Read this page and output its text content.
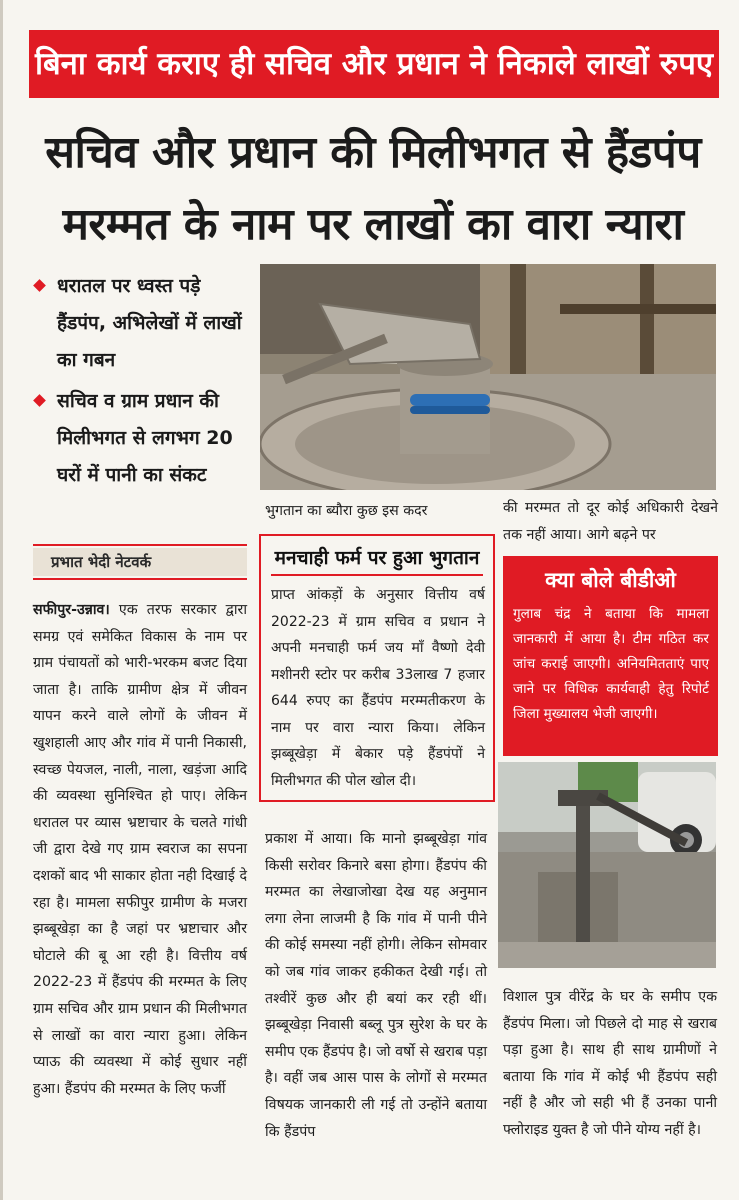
बिना कार्य कराए ही सचिव और प्रधान ने निकाले लाखों रुपए
सचिव और प्रधान की मिलीभगत से हैंडपंप
मरम्मत के नाम पर लाखों का वारा न्यारा
धरातल पर ध्वस्त पड़े हैंडपंप, अभिलेखों में लाखों का गबन
सचिव व ग्राम प्रधान की मिलीभगत से लगभग 20 घरों में पानी का संकट
प्रभात भेदी नेटवर्क
भुगतान का ब्यौरा कुछ इस कदर	की मरम्मत तो दूर कोई अधिकारी देखने तक नहीं आया। आगे बढ़ने पर
मनचाही फर्म पर हुआ भुगतान
प्राप्त आंकड़ों के अनुसार वित्तीय वर्ष 2022-23 में ग्राम सचिव व प्रधान ने अपनी मनचाही फर्म जय माँ वैष्णो देवी मशीनरी स्टोर पर करीब 33लाख 7 हजार 644 रुपए का हैंडपंप मरम्मतीकरण के नाम पर वारा न्यारा किया। लेकिन झब्बूखेड़ा में बेकार पड़े हैंडपंपों ने मिलीभगत की पोल खोल दी।
क्या बोले बीडीओ
गुलाब चंद्र ने बताया कि मामला जानकारी में आया है। टीम गठित कर जांच कराई जाएगी। अनियमितताएं पाए जाने पर विधिक कार्यवाही हेतु रिपोर्ट जिला मुख्यालय भेजी जाएगी।

सफीपुर-उन्नाव। एक तरफ सरकार द्वारा समग्र एवं समेकित विकास के नाम पर ग्राम पंचायतों को भारी-भरकम बजट दिया जाता है। ताकि ग्रामीण क्षेत्र में जीवन यापन करने वाले लोगों के जीवन में खुशहाली आए और गांव में पानी निकासी, स्वच्छ पेयजल, नाली, नाला, खड़ंजा आदि की व्यवस्था सुनिश्चित हो पाए। लेकिन धरातल पर व्यास भ्रष्टाचार के चलते गांधी जी द्वारा देखे गए ग्राम स्वराज का सपना दशकों बाद भी साकार होता नही दिखाई दे रहा है। मामला सफीपुर ग्रामीण के मजरा झब्बूखेड़ा का है जहां पर भ्रष्टाचार और घोटाले की बू आ रही है। वित्तीय वर्ष 2022-23 में हैंडपंप की मरम्मत के लिए ग्राम सचिव और ग्राम प्रधान की मिलीभगत से लाखों का वारा न्यारा हुआ। लेकिन प्याऊ की व्यवस्था में कोई सुधार नहीं हुआ। हैंडपंप की मरम्मत के लिए फर्जी

प्रकाश में आया। कि मानो झब्बूखेड़ा गांव किसी सरोवर किनारे बसा होगा। हैंडपंप की मरम्मत का लेखाजोखा देख यह अनुमान लगा लेना लाजमी है कि गांव में पानी पीने की कोई समस्या नहीं होगी। लेकिन सोमवार को जब गांव जाकर हकीकत देखी गई। तो तश्वीरें कुछ और ही बयां कर रही थीं। झब्बूखेड़ा निवासी बब्लू पुत्र सुरेश के घर के समीप एक हैंडपंप है। जो वर्षो से खराब पड़ा है। वहीं जब आस पास के लोगों से मरम्मत विषयक जानकारी ली गई तो उन्होंने बताया कि हैंडपंप
विशाल पुत्र वीरेंद्र के घर के समीप एक हैंडपंप मिला। जो पिछले दो माह से खराब पड़ा हुआ है। साथ ही साथ ग्रामीणों ने बताया कि गांव में कोई भी हैंडपंप सही नहीं है और जो सही भी हैं उनका पानी फ्लोराइड युक्त है जो पीने योग्य नहीं है।
